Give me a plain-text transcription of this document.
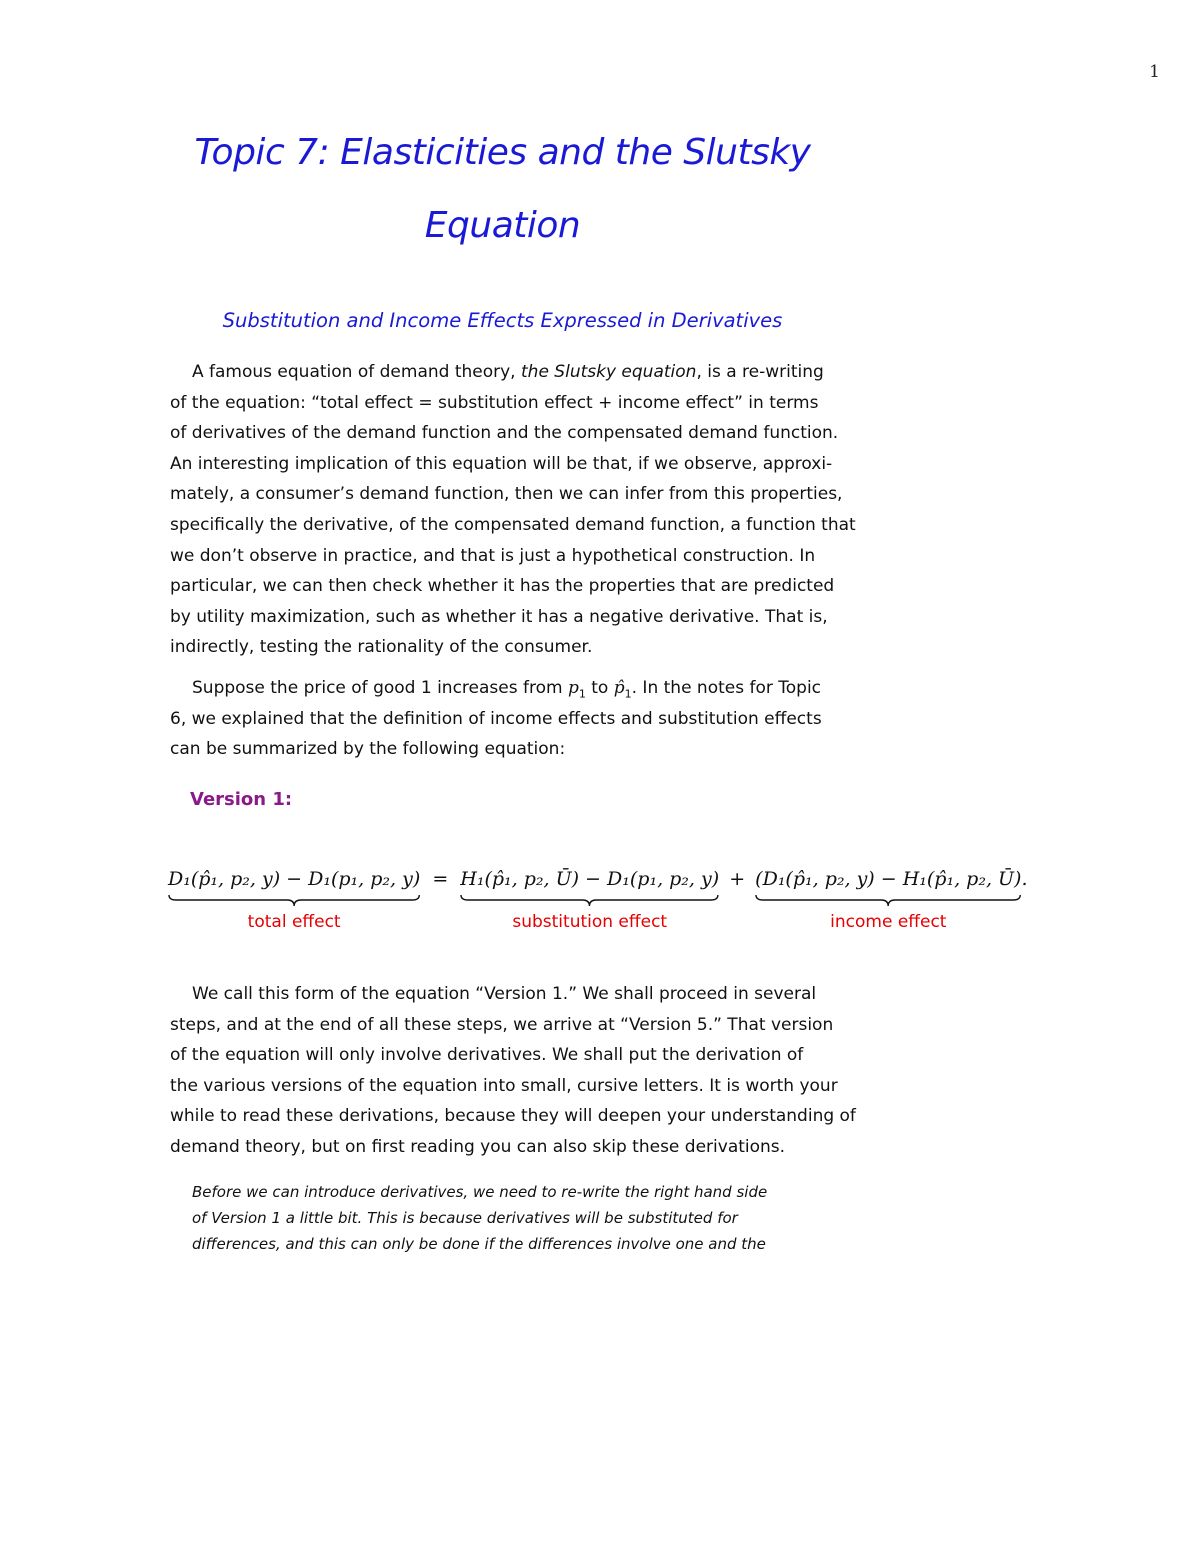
1
Topic 7: Elasticities and the Slutsky
Equation
Substitution and Income Effects Expressed in Derivatives
A famous equation of demand theory, the Slutsky equation, is a re-writing
of the equation: “total effect = substitution effect + income effect” in terms
of derivatives of the demand function and the compensated demand function.
An interesting implication of this equation will be that, if we observe, approxi-
mately, a consumer’s demand function, then we can infer from this properties,
specifically the derivative, of the compensated demand function, a function that
we don’t observe in practice, and that is just a hypothetical construction. In
particular, we can then check whether it has the properties that are predicted
by utility maximization, such as whether it has a negative derivative. That is,
indirectly, testing the rationality of the consumer.
Suppose the price of good 1 increases from $p_1$ to $p̂_1$. In the notes for Topic
6, we explained that the definition of income effects and substitution effects
can be summarized by the following equation:
Version 1:
D₁(p̂₁, p₂, y) − D₁(p₁, p₂, y) = H₁(p̂₁, p₂, Ū) − D₁(p₁, p₂, y) + (D₁(p̂₁, p₂, y) − H₁(p̂₁, p₂, Ū).
total effect	substitution effect	income effect
We call this form of the equation “Version 1.” We shall proceed in several
steps, and at the end of all these steps, we arrive at “Version 5.” That version
of the equation will only involve derivatives. We shall put the derivation of
the various versions of the equation into small, cursive letters. It is worth your
while to read these derivations, because they will deepen your understanding of
demand theory, but on first reading you can also skip these derivations.
Before we can introduce derivatives, we need to re-write the right hand side
of Version 1 a little bit. This is because derivatives will be substituted for
differences, and this can only be done if the differences involve one and the
